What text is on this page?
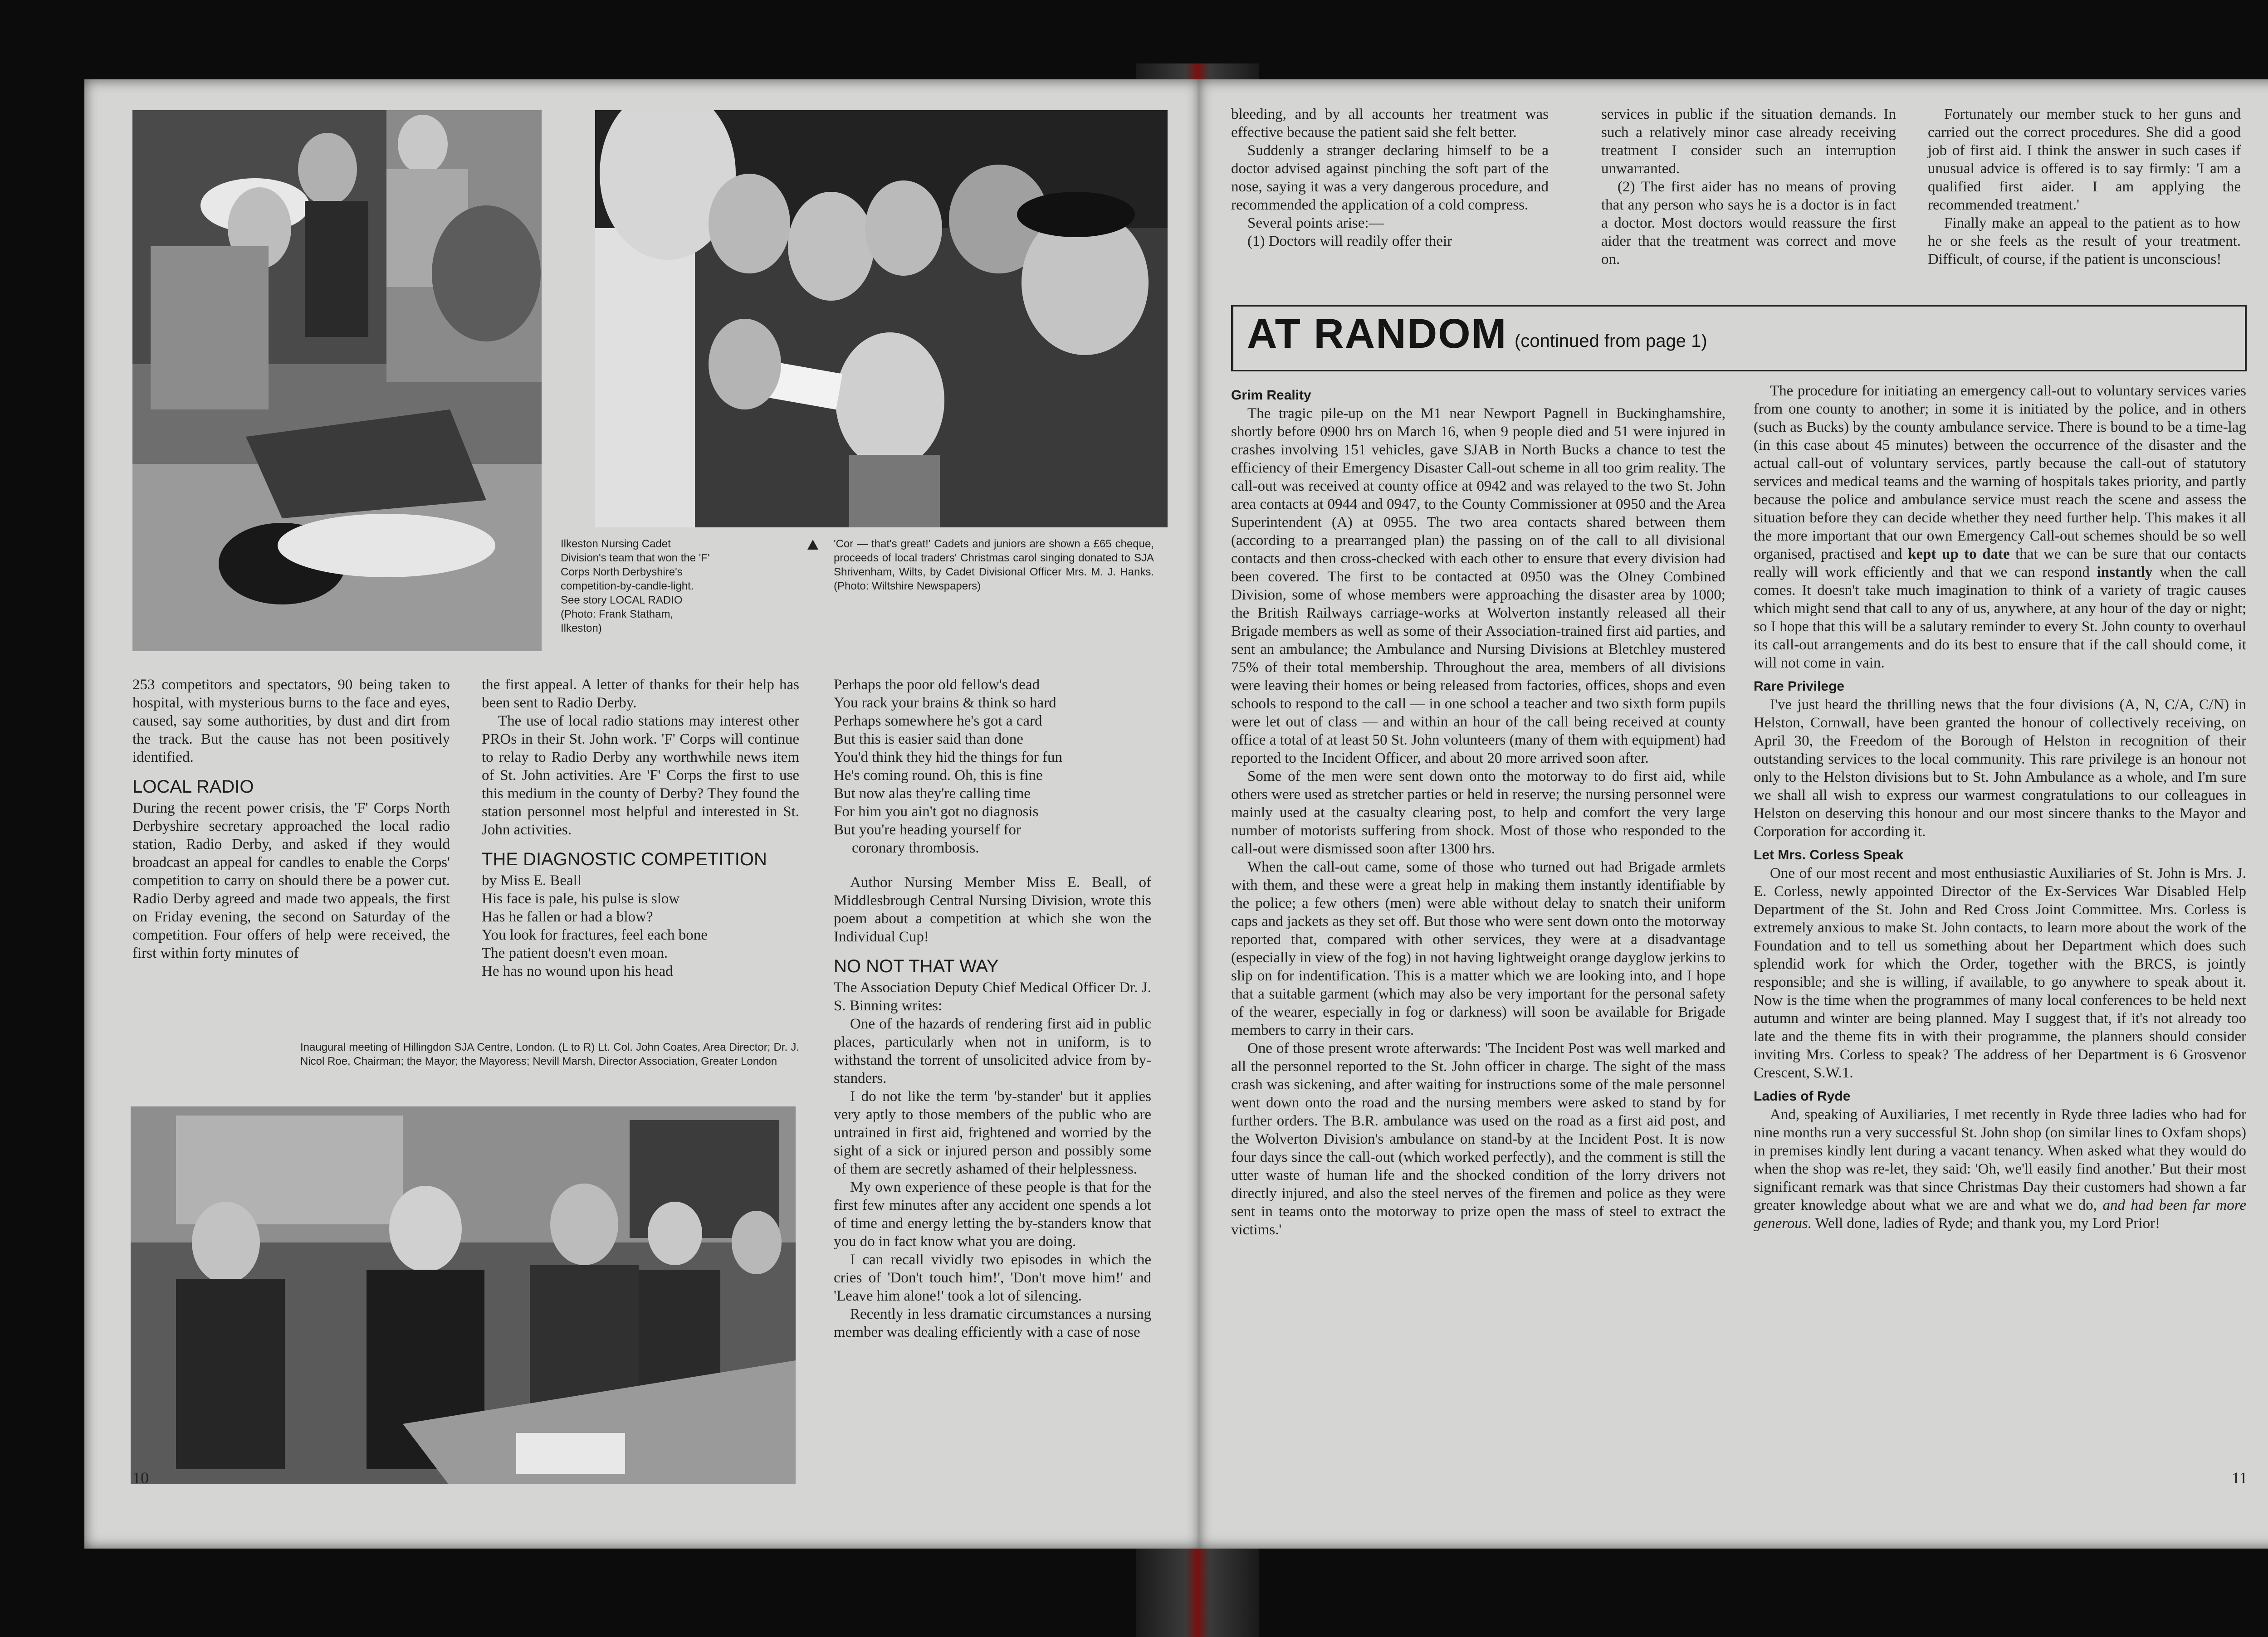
Ilkeston Nursing Cadet Division's team that won the 'F' Corps North Derbyshire's competition-by-candle-light. See story LOCAL RADIO (Photo: Frank Statham, Ilkeston)
'Cor — that's great!' Cadets and juniors are shown a £65 cheque, proceeds of local traders' Christmas carol singing donated to SJA Shrivenham, Wilts, by Cadet Divisional Officer Mrs. M. J. Hanks. (Photo: Wiltshire Newspapers)

253 competitors and spectators, 90 being taken to hospital, with mysterious burns to the face and eyes, caused, say some authorities, by dust and dirt from the track. But the cause has not been positively identified.

LOCAL RADIO

During the recent power crisis, the 'F' Corps North Derbyshire secretary approached the local radio station, Radio Derby, and asked if they would broadcast an appeal for candles to enable the Corps' competition to carry on should there be a power cut. Radio Derby agreed and made two appeals, the first on Friday evening, the second on Saturday of the competition. Four offers of help were received, the first within forty minutes of

the first appeal. A letter of thanks for their help has been sent to Radio Derby.

The use of local radio stations may interest other PROs in their St. John work. 'F' Corps will continue to relay to Radio Derby any worthwhile news item of St. John activities. Are 'F' Corps the first to use this medium in the county of Derby? They found the station personnel most helpful and interested in St. John activities.

THE DIAGNOSTIC COMPETITION

by Miss E. Beall

His face is pale, his pulse is slow

Has he fallen or had a blow?

You look for fractures, feel each bone

The patient doesn't even moan.

He has no wound upon his head

Perhaps the poor old fellow's dead

You rack your brains & think so hard

Perhaps somewhere he's got a card

But this is easier said than done

You'd think they hid the things for fun

He's coming round. Oh, this is fine

But now alas they're calling time

For him you ain't got no diagnosis

But you're heading yourself for

coronary thrombosis.

Author Nursing Member Miss E. Beall, of Middlesbrough Central Nursing Division, wrote this poem about a competition at which she won the Individual Cup!

NO NOT THAT WAY

The Association Deputy Chief Medical Officer Dr. J. S. Binning writes:

One of the hazards of rendering first aid in public places, particularly when not in uniform, is to withstand the torrent of unsolicited advice from by-standers.

I do not like the term 'by-stander' but it applies very aptly to those members of the public who are untrained in first aid, frightened and worried by the sight of a sick or injured person and possibly some of them are secretly ashamed of their helplessness.

My own experience of these people is that for the first few minutes after any accident one spends a lot of time and energy letting the by-standers know that you do in fact know what you are doing.

I can recall vividly two episodes in which the cries of 'Don't touch him!', 'Don't move him!' and 'Leave him alone!' took a lot of silencing.

Recently in less dramatic circumstances a nursing member was dealing efficiently with a case of nose

Inaugural meeting of Hillingdon SJA Centre, London. (L to R) Lt. Col. John Coates, Area Director; Dr. J. Nicol Roe, Chairman; the Mayor; the Mayoress; Nevill Marsh, Director Association, Greater London
10

bleeding, and by all accounts her treatment was effective because the patient said she felt better.

Suddenly a stranger declaring himself to be a doctor advised against pinching the soft part of the nose, saying it was a very dangerous procedure, and recommended the application of a cold compress.

Several points arise:—

(1) Doctors will readily offer their

services in public if the situation demands. In such a relatively minor case already receiving treatment I consider such an interruption unwarranted.

(2) The first aider has no means of proving that any person who says he is a doctor is in fact a doctor. Most doctors would reassure the first aider that the treatment was correct and move on.

Fortunately our member stuck to her guns and carried out the correct procedures. She did a good job of first aid. I think the answer in such cases if unusual advice is offered is to say firmly: 'I am a qualified first aider. I am applying the recommended treatment.'

Finally make an appeal to the patient as to how he or she feels as the result of your treatment. Difficult, of course, if the patient is unconscious!

AT RANDOM (continued from page 1)
Grim Reality

The tragic pile-up on the M1 near Newport Pagnell in Buckinghamshire, shortly before 0900 hrs on March 16, when 9 people died and 51 were injured in crashes involving 151 vehicles, gave SJAB in North Bucks a chance to test the efficiency of their Emergency Disaster Call-out scheme in all too grim reality. The call-out was received at county office at 0942 and was relayed to the two St. John area contacts at 0944 and 0947, to the County Commissioner at 0950 and the Area Superintendent (A) at 0955. The two area contacts shared between them (according to a prearranged plan) the passing on of the call to all divisional contacts and then cross-checked with each other to ensure that every division had been covered. The first to be contacted at 0950 was the Olney Combined Division, some of whose members were approaching the disaster area by 1000; the British Railways carriage-works at Wolverton instantly released all their Brigade members as well as some of their Association-trained first aid parties, and sent an ambulance; the Ambulance and Nursing Divisions at Bletchley mustered 75% of their total membership. Throughout the area, members of all divisions were leaving their homes or being released from factories, offices, shops and even schools to respond to the call — in one school a teacher and two sixth form pupils were let out of class — and within an hour of the call being received at county office a total of at least 50 St. John volunteers (many of them with equipment) had reported to the Incident Officer, and about 20 more arrived soon after.

Some of the men were sent down onto the motorway to do first aid, while others were used as stretcher parties or held in reserve; the nursing personnel were mainly used at the casualty clearing post, to help and comfort the very large number of motorists suffering from shock. Most of those who responded to the call-out were dismissed soon after 1300 hrs.

When the call-out came, some of those who turned out had Brigade armlets with them, and these were a great help in making them instantly identifiable by the police; a few others (men) were able without delay to snatch their uniform caps and jackets as they set off. But those who were sent down onto the motorway reported that, compared with other services, they were at a disadvantage (especially in view of the fog) in not having lightweight orange dayglow jerkins to slip on for indentification. This is a matter which we are looking into, and I hope that a suitable garment (which may also be very important for the personal safety of the wearer, especially in fog or darkness) will soon be available for Brigade members to carry in their cars.

One of those present wrote afterwards: 'The Incident Post was well marked and all the personnel reported to the St. John officer in charge. The sight of the mass crash was sickening, and after waiting for instructions some of the male personnel went down onto the road and the nursing members were asked to stand by for further orders. The B.R. ambulance was used on the road as a first aid post, and the Wolverton Division's ambulance on stand-by at the Incident Post. It is now four days since the call-out (which worked perfectly), and the comment is still the utter waste of human life and the shocked condition of the lorry drivers not directly injured, and also the steel nerves of the firemen and police as they were sent in teams onto the motorway to prize open the mass of steel to extract the victims.'

The procedure for initiating an emergency call-out to voluntary services varies from one county to another; in some it is initiated by the police, and in others (such as Bucks) by the county ambulance service. There is bound to be a time-lag (in this case about 45 minutes) between the occurrence of the disaster and the actual call-out of voluntary services, partly because the call-out of statutory services and medical teams and the warning of hospitals takes priority, and partly because the police and ambulance service must reach the scene and assess the situation before they can decide whether they need further help. This makes it all the more important that our own Emergency Call-out schemes should be so well organised, practised and kept up to date that we can be sure that our contacts really will work efficiently and that we can respond instantly when the call comes. It doesn't take much imagination to think of a variety of tragic causes which might send that call to any of us, anywhere, at any hour of the day or night; so I hope that this will be a salutary reminder to every St. John county to overhaul its call-out arrangements and do its best to ensure that if the call should come, it will not come in vain.

Rare Privilege

I've just heard the thrilling news that the four divisions (A, N, C/A, C/N) in Helston, Cornwall, have been granted the honour of collectively receiving, on April 30, the Freedom of the Borough of Helston in recognition of their outstanding services to the local community. This rare privilege is an honour not only to the Helston divisions but to St. John Ambulance as a whole, and I'm sure we shall all wish to express our warmest congratulations to our colleagues in Helston on deserving this honour and our most sincere thanks to the Mayor and Corporation for according it.

Let Mrs. Corless Speak

One of our most recent and most enthusiastic Auxiliaries of St. John is Mrs. J. E. Corless, newly appointed Director of the Ex-Services War Disabled Help Department of the St. John and Red Cross Joint Committee. Mrs. Corless is extremely anxious to make St. John contacts, to learn more about the work of the Foundation and to tell us something about her Department which does such splendid work for which the Order, together with the BRCS, is jointly responsible; and she is willing, if available, to go anywhere to speak about it. Now is the time when the programmes of many local conferences to be held next autumn and winter are being planned. May I suggest that, if it's not already too late and the theme fits in with their programme, the planners should consider inviting Mrs. Corless to speak? The address of her Department is 6 Grosvenor Crescent, S.W.1.

Ladies of Ryde

And, speaking of Auxiliaries, I met recently in Ryde three ladies who had for nine months run a very successful St. John shop (on similar lines to Oxfam shops) in premises kindly lent during a vacant tenancy. When asked what they would do when the shop was re-let, they said: 'Oh, we'll easily find another.' But their most significant remark was that since Christmas Day their customers had shown a far greater knowledge about what we are and what we do, and had been far more generous. Well done, ladies of Ryde; and thank you, my Lord Prior!

11
